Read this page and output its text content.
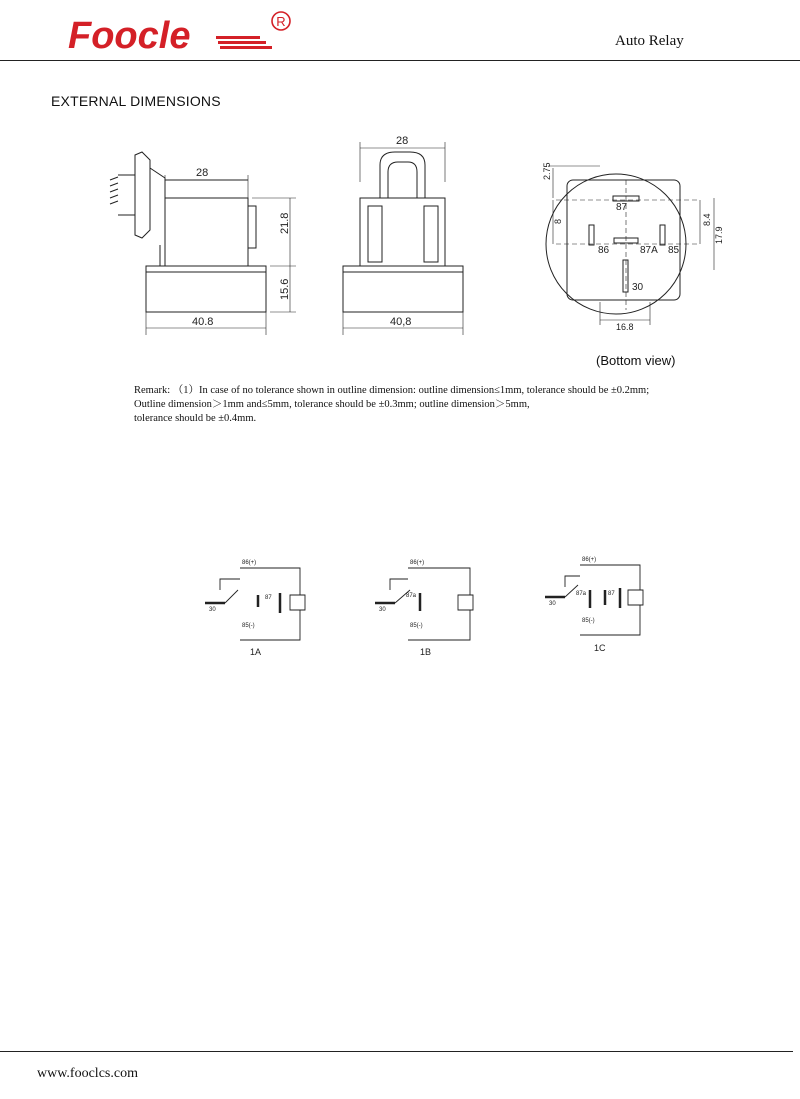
Foocle	R
Auto Relay
EXTERNAL DIMENSIONS
28
21.8
15.6
40.8
28
40,8
87
86	87A 85
30
2.75
8	8.4
17.9
16.8
(Bottom view)
Remark: （1）In case of no tolerance shown in outline dimension: outline dimension≤1mm, tolerance should be ±0.2mm;
Outline dimension＞1mm and≤5mm, tolerance should be ±0.3mm; outline dimension＞5mm,
tolerance should be ±0.4mm.
86(+)
30
87
85(-)
1A
86(+)
30
87a
85(-)
1B
86(+)
30
87a	87
85(-)
1C
www.fooclcs.com
